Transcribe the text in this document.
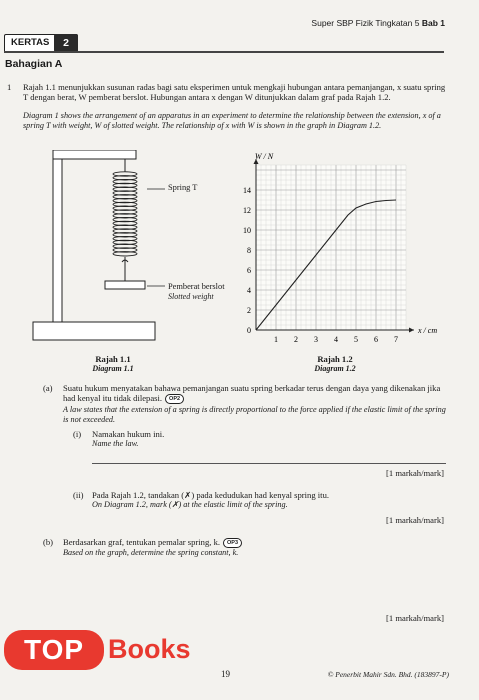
Super SBP Fizik Tingkatan 5 Bab 1
KERTAS	2
Bahagian A
1 Rajah 1.1 menunjukkan susunan radas bagi satu eksperimen untuk mengkaji hubungan antara pemanjangan, x suatu spring T dengan berat, W pemberat berslot. Hubungan antara x dengan W ditunjukkan dalam graf pada Rajah 1.2.
Diagram 1 shows the arrangement of an apparatus in an experiment to determine the relationship between the extension, x of a spring T with weight, W of slotted weight. The relationship of x with W is shown in the graph in Diagram 1.2.
Spring T
Pemberat berslot
Slotted weight
Rajah 1.1
Diagram 1.1
1 2 3 4 5 6 7
2
4
6
8
10
12
14
0
W / N
x / cm
Rajah 1.2
Diagram 1.2
(a) Suatu hukum menyatakan bahawa pemanjangan suatu spring berkadar terus dengan daya yang dikenakan jika had kenyal itu tidak dilepasi. OP2
A law states that the extension of a spring is directly proportional to the force applied if the elastic limit of the spring is not exceeded.
(i) Namakan hukum ini.
Name the law.
[1 markah/mark]
(ii) Pada Rajah 1.2, tandakan (✗) pada kedudukan had kenyal spring itu.
On Diagram 1.2, mark (✗) at the elastic limit of the spring.
[1 markah/mark]
(b) Berdasarkan graf, tentukan pemalar spring, k. OP3
Based on the graph, determine the spring constant, k.
[1 markah/mark]
TOP Books
19	© Penerbit Mahir Sdn. Bhd. (183897-P)
